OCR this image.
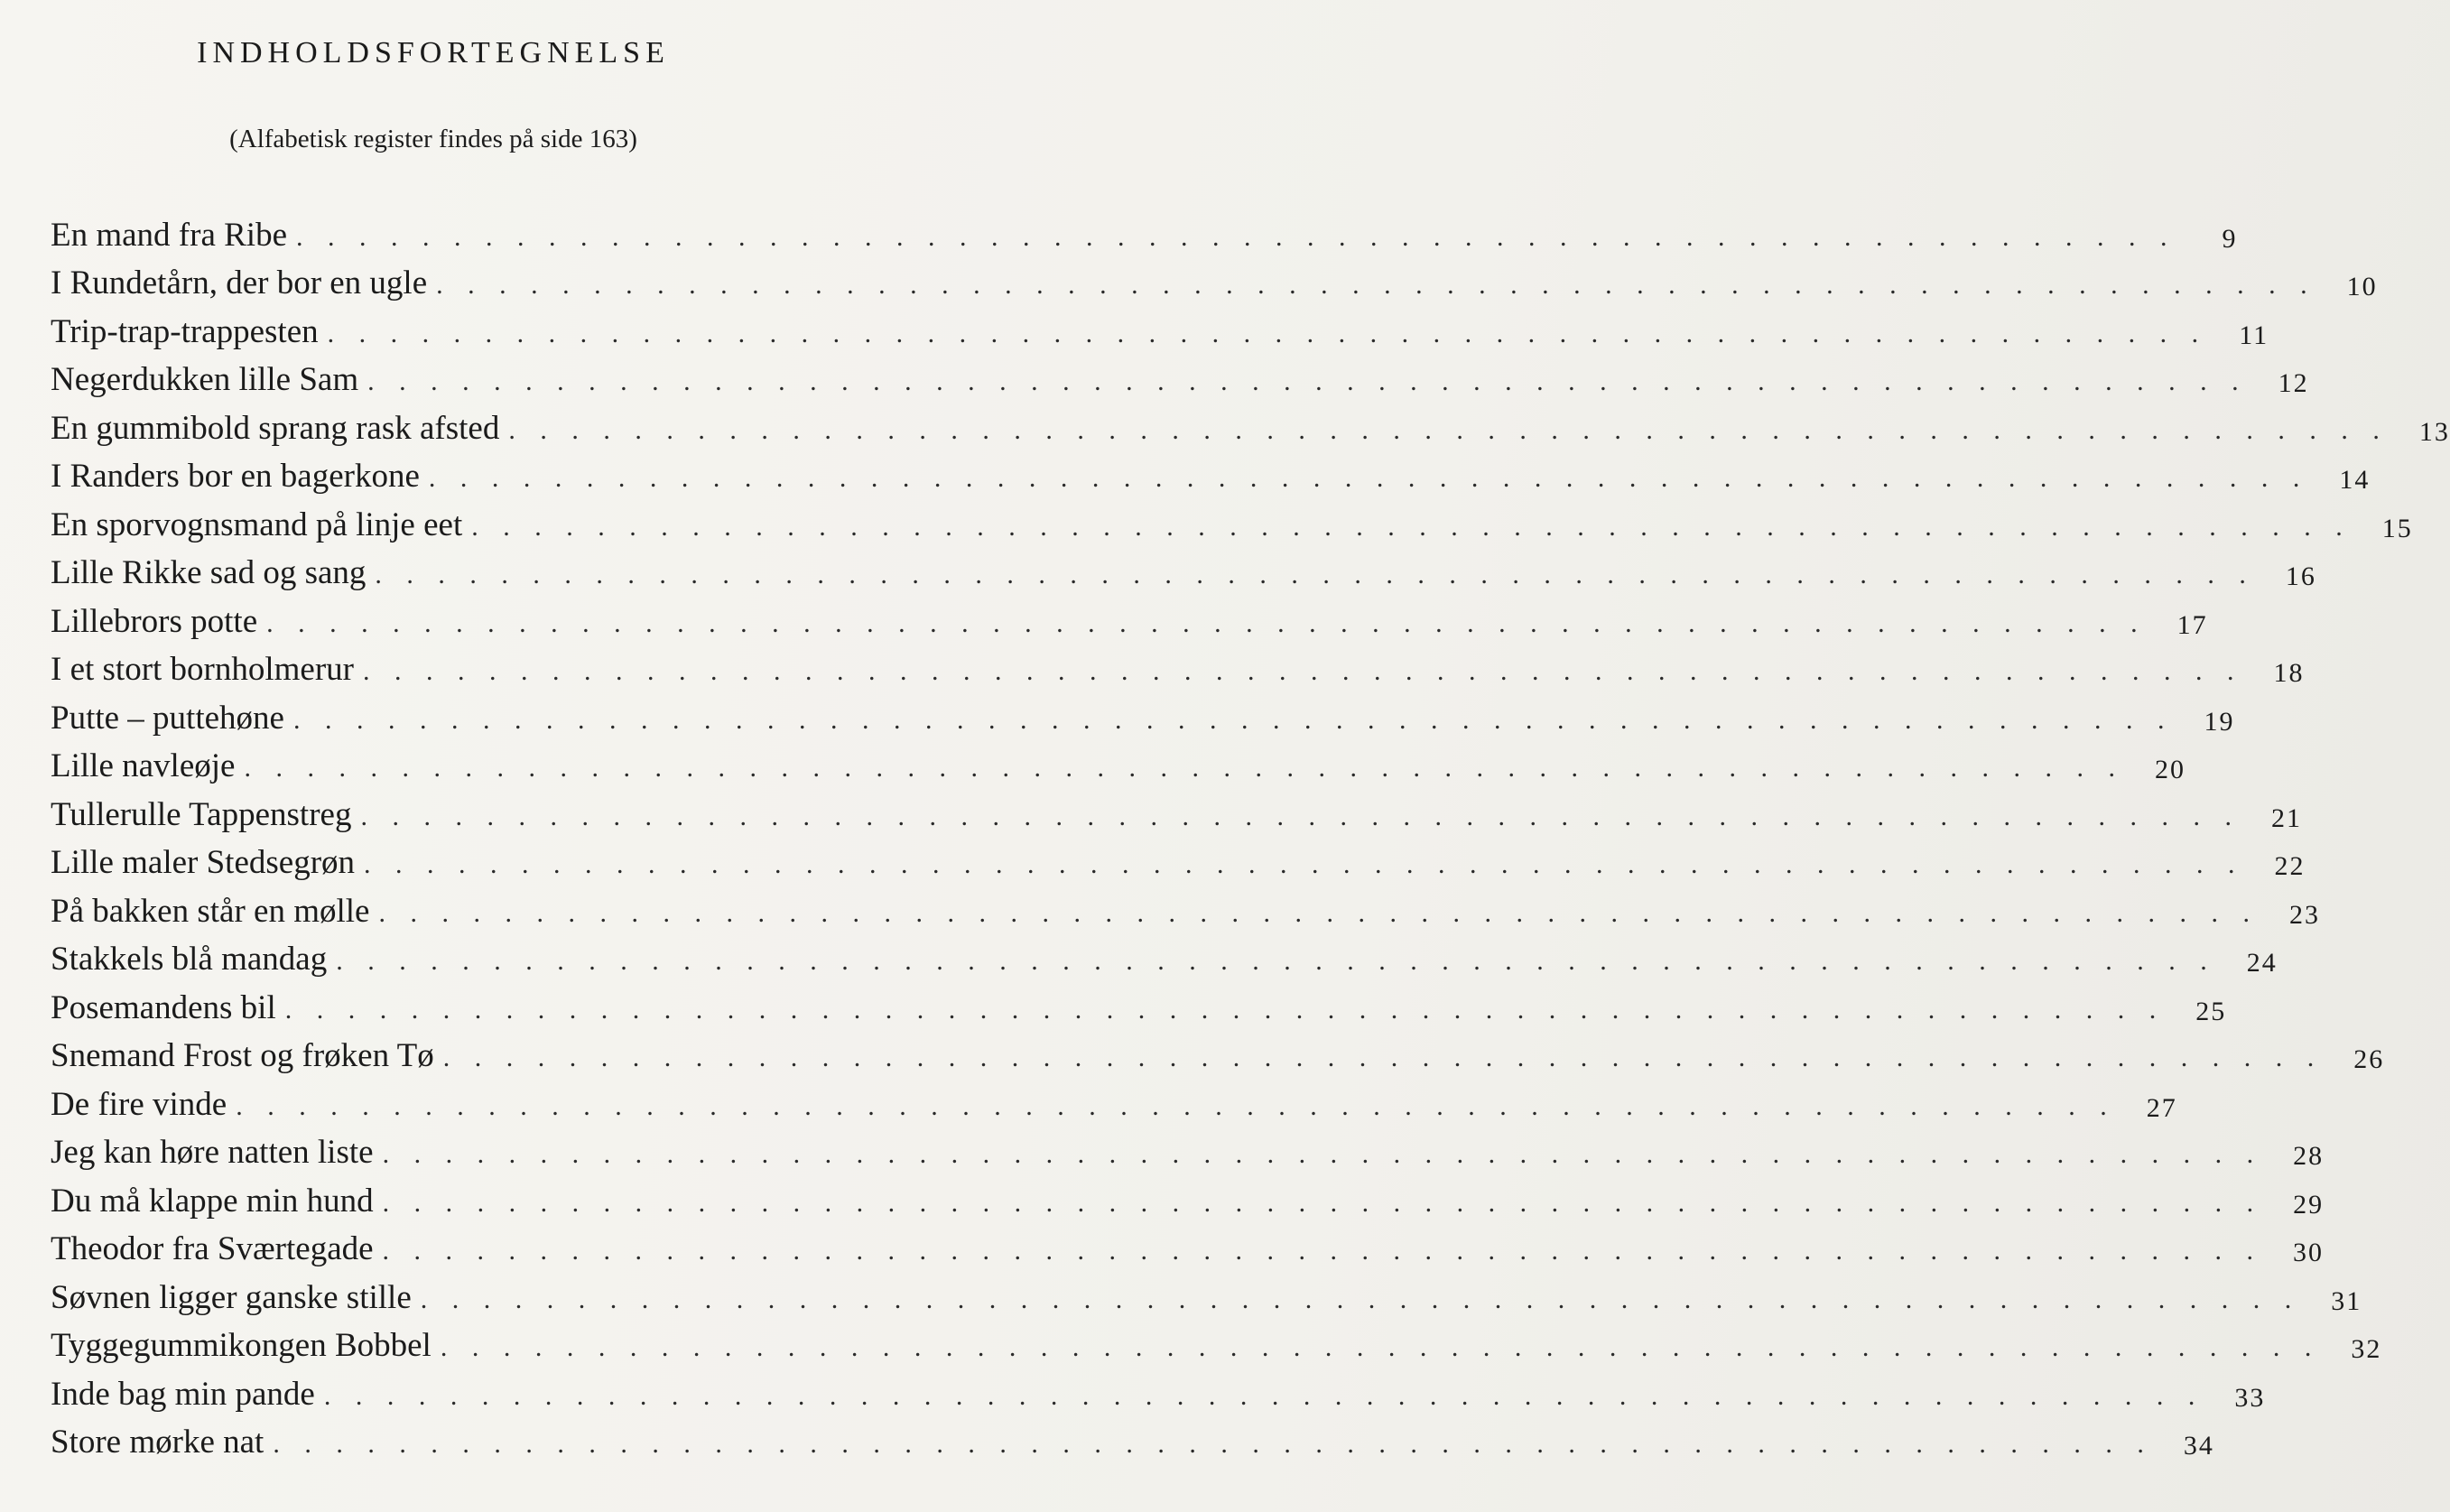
INDHOLDSFORTEGNELSE
(Alfabetisk register findes på side 163)
En mand fra Ribe . . . . . . . . . . . . . . . . . . . . . . . . . . . . . . . . . . . . . . . . . . . . . . . . . . . . . . . . . . . .	9
I Rundetårn, der bor en ugle . . . . . . . . . . . . . . . . . . . . . . . . . . . . . . . . . . . . . . . . . . . . . . . . . . . . . . . . . . . .	10
Trip-trap-trappesten . . . . . . . . . . . . . . . . . . . . . . . . . . . . . . . . . . . . . . . . . . . . . . . . . . . . . . . . . . . .	11
Negerdukken lille Sam . . . . . . . . . . . . . . . . . . . . . . . . . . . . . . . . . . . . . . . . . . . . . . . . . . . . . . . . . . . .	12
En gummibold sprang rask afsted . . . . . . . . . . . . . . . . . . . . . . . . . . . . . . . . . . . . . . . . . . . . . . . . . . . . . . . . . . . .	13
I Randers bor en bagerkone . . . . . . . . . . . . . . . . . . . . . . . . . . . . . . . . . . . . . . . . . . . . . . . . . . . . . . . . . . . .	14
En sporvognsmand på linje eet . . . . . . . . . . . . . . . . . . . . . . . . . . . . . . . . . . . . . . . . . . . . . . . . . . . . . . . . . . . .	15
Lille Rikke sad og sang . . . . . . . . . . . . . . . . . . . . . . . . . . . . . . . . . . . . . . . . . . . . . . . . . . . . . . . . . . . .	16
Lillebrors potte . . . . . . . . . . . . . . . . . . . . . . . . . . . . . . . . . . . . . . . . . . . . . . . . . . . . . . . . . . . .	17
I et stort bornholmerur . . . . . . . . . . . . . . . . . . . . . . . . . . . . . . . . . . . . . . . . . . . . . . . . . . . . . . . . . . . .	18
Putte – puttehøne . . . . . . . . . . . . . . . . . . . . . . . . . . . . . . . . . . . . . . . . . . . . . . . . . . . . . . . . . . . .	19
Lille navleøje . . . . . . . . . . . . . . . . . . . . . . . . . . . . . . . . . . . . . . . . . . . . . . . . . . . . . . . . . . . .	20
Tullerulle Tappenstreg . . . . . . . . . . . . . . . . . . . . . . . . . . . . . . . . . . . . . . . . . . . . . . . . . . . . . . . . . . . .	21
Lille maler Stedsegrøn . . . . . . . . . . . . . . . . . . . . . . . . . . . . . . . . . . . . . . . . . . . . . . . . . . . . . . . . . . . .	22
På bakken står en mølle . . . . . . . . . . . . . . . . . . . . . . . . . . . . . . . . . . . . . . . . . . . . . . . . . . . . . . . . . . . .	23
Stakkels blå mandag . . . . . . . . . . . . . . . . . . . . . . . . . . . . . . . . . . . . . . . . . . . . . . . . . . . . . . . . . . . .	24
Posemandens bil . . . . . . . . . . . . . . . . . . . . . . . . . . . . . . . . . . . . . . . . . . . . . . . . . . . . . . . . . . . .	25
Snemand Frost og frøken Tø . . . . . . . . . . . . . . . . . . . . . . . . . . . . . . . . . . . . . . . . . . . . . . . . . . . . . . . . . . . .	26
De fire vinde . . . . . . . . . . . . . . . . . . . . . . . . . . . . . . . . . . . . . . . . . . . . . . . . . . . . . . . . . . . .	27
Jeg kan høre natten liste . . . . . . . . . . . . . . . . . . . . . . . . . . . . . . . . . . . . . . . . . . . . . . . . . . . . . . . . . . . .	28
Du må klappe min hund . . . . . . . . . . . . . . . . . . . . . . . . . . . . . . . . . . . . . . . . . . . . . . . . . . . . . . . . . . . .	29
Theodor fra Sværtegade . . . . . . . . . . . . . . . . . . . . . . . . . . . . . . . . . . . . . . . . . . . . . . . . . . . . . . . . . . . .	30
Søvnen ligger ganske stille . . . . . . . . . . . . . . . . . . . . . . . . . . . . . . . . . . . . . . . . . . . . . . . . . . . . . . . . . . . .	31
Tyggegummikongen Bobbel . . . . . . . . . . . . . . . . . . . . . . . . . . . . . . . . . . . . . . . . . . . . . . . . . . . . . . . . . . . .	32
Inde bag min pande . . . . . . . . . . . . . . . . . . . . . . . . . . . . . . . . . . . . . . . . . . . . . . . . . . . . . . . . . . . .	33
Store mørke nat . . . . . . . . . . . . . . . . . . . . . . . . . . . . . . . . . . . . . . . . . . . . . . . . . . . . . . . . . . . .	34
